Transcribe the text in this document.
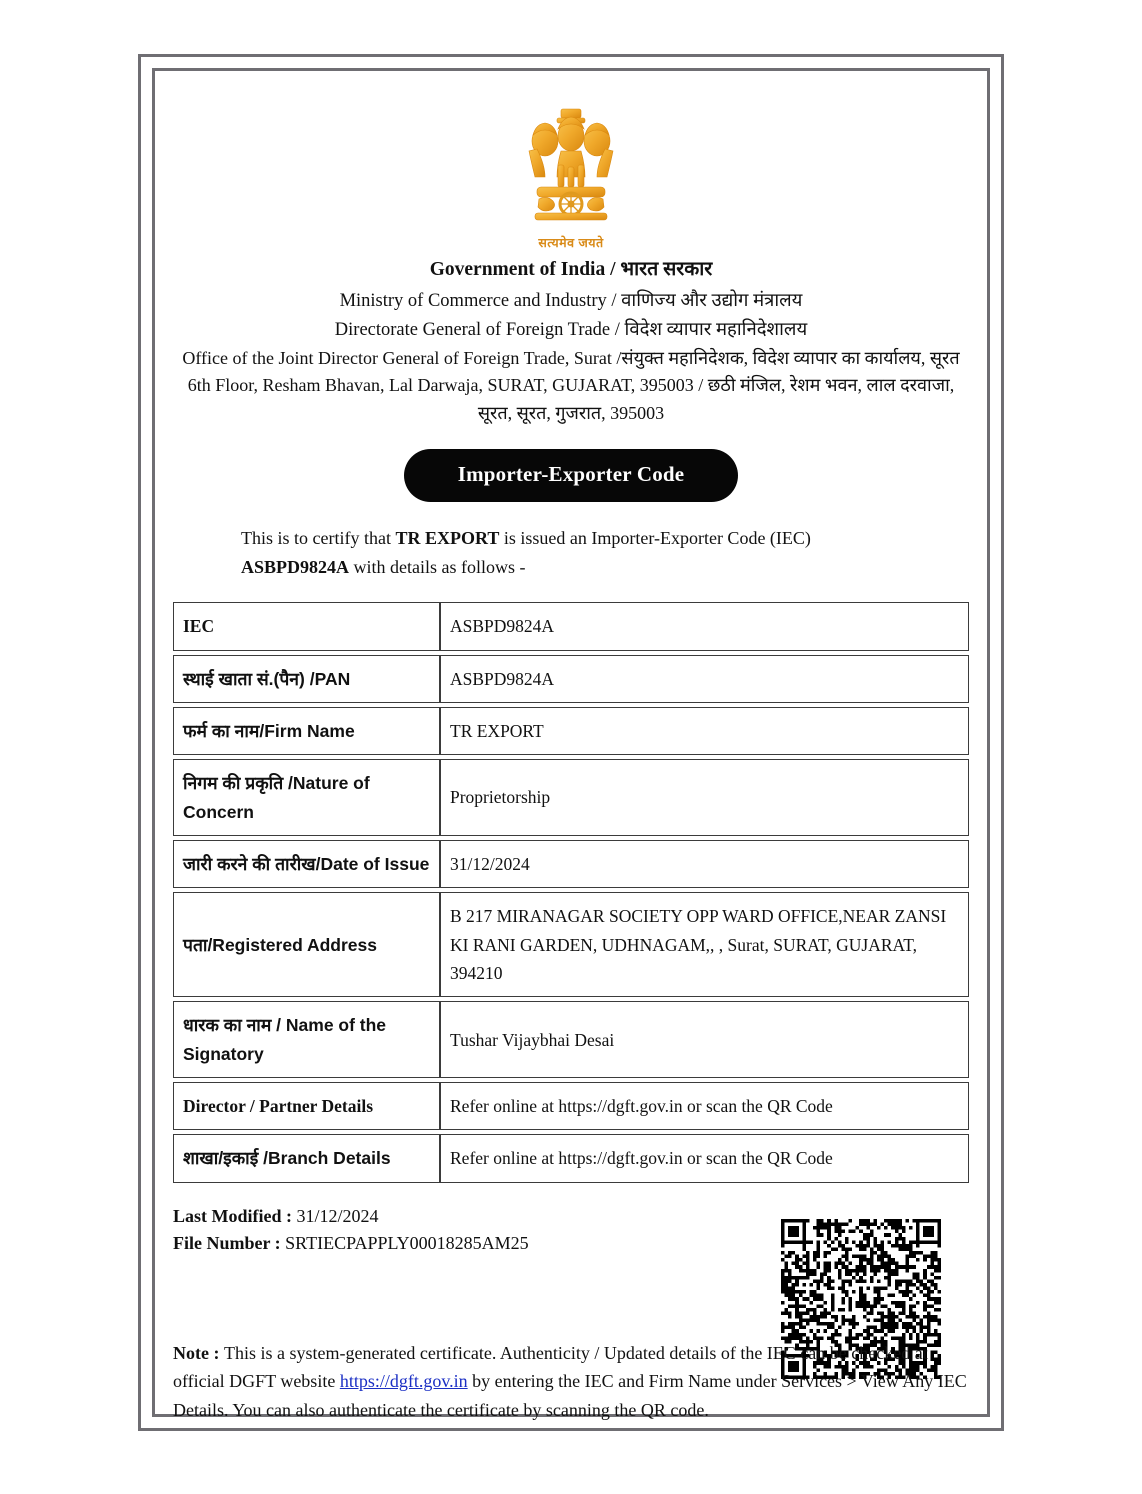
सत्यमेव जयते
Government of India / भारत सरकार
Ministry of Commerce and Industry / वाणिज्य और उद्योग मंत्रालय
Directorate General of Foreign Trade / विदेश व्यापार महानिदेशालय
Office of the Joint Director General of Foreign Trade, Surat /संयुक्त महानिदेशक, विदेश व्यापार का कार्यालय, सूरत
6th Floor, Resham Bhavan, Lal Darwaja, SURAT, GUJARAT, 395003 / छठी मंजिल, रेशम भवन, लाल दरवाजा,
सूरत, सूरत, गुजरात, 395003
Importer-Exporter Code

This is to certify that TR EXPORT is issued an Importer-Exporter Code (IEC)
ASBPD9824A with details as follows -

IEC	ASBPD9824A
स्थाई खाता सं.(पैन) /PAN	ASBPD9824A
फर्म का नाम/Firm Name	TR EXPORT
निगम की प्रकृति /Nature of Concern	Proprietorship
जारी करने की तारीख/Date of Issue	31/12/2024
पता/Registered Address	B 217 MIRANAGAR SOCIETY OPP WARD OFFICE,NEAR ZANSI KI RANI GARDEN, UDHNAGAM,, , Surat, SURAT, GUJARAT, 394210
धारक का नाम / Name of the Signatory	Tushar Vijaybhai Desai
Director / Partner Details	Refer online at https://dgft.gov.in or scan the QR Code
शाखा/इकाई /Branch Details	Refer online at https://dgft.gov.in or scan the QR Code
Last Modified : 31/12/2024
File Number : SRTIECPAPPLY00018285AM25
Note : This is a system-generated certificate. Authenticity / Updated details of the IEC can be checked at official DGFT website https://dgft.gov.in by entering the IEC and Firm Name under Services > View Any IEC Details. You can also authenticate the certificate by scanning the QR code.
